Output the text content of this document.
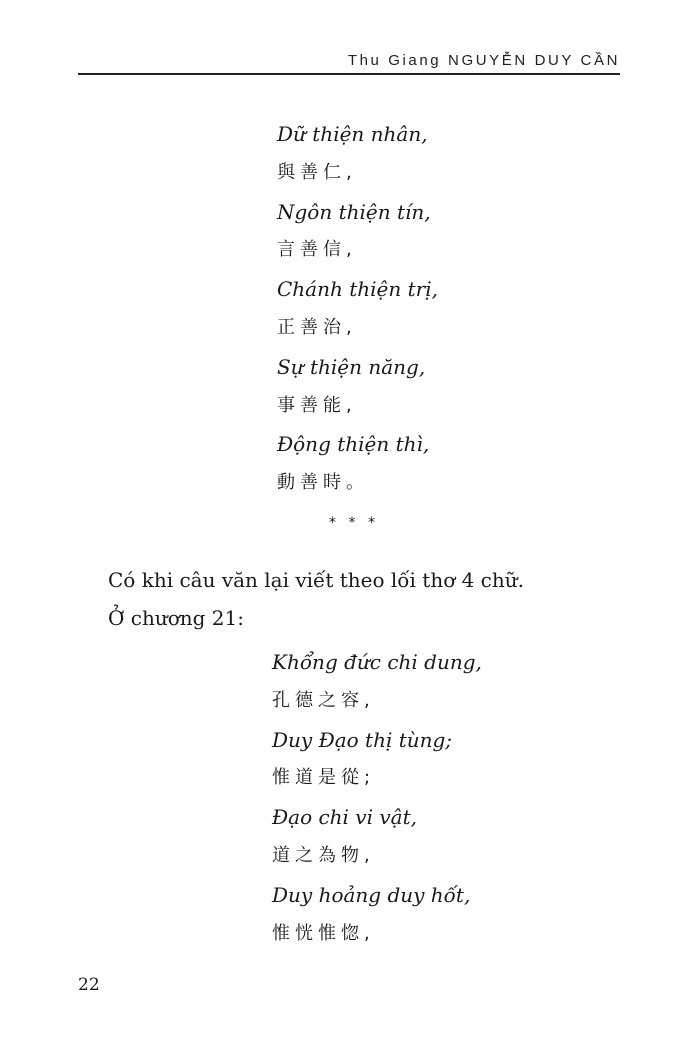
Thu Giang NGUYỄN DUY CẦN
Dữ thiện nhân,
與善仁,
Ngôn thiện tín,
言善信,
Chánh thiện trị,
正善治,
Sự thiện năng,
事善能,
Động thiện thì,
動善時。
* * *

Có khi câu văn lại viết theo lối thơ 4 chữ.

Ở chương 21:

Khổng đức chi dung,
孔德之容,
Duy Đạo thị tùng;
惟道是從;
Đạo chi vi vật,
道之為物,
Duy hoảng duy hốt,
惟恍惟惚,
22
